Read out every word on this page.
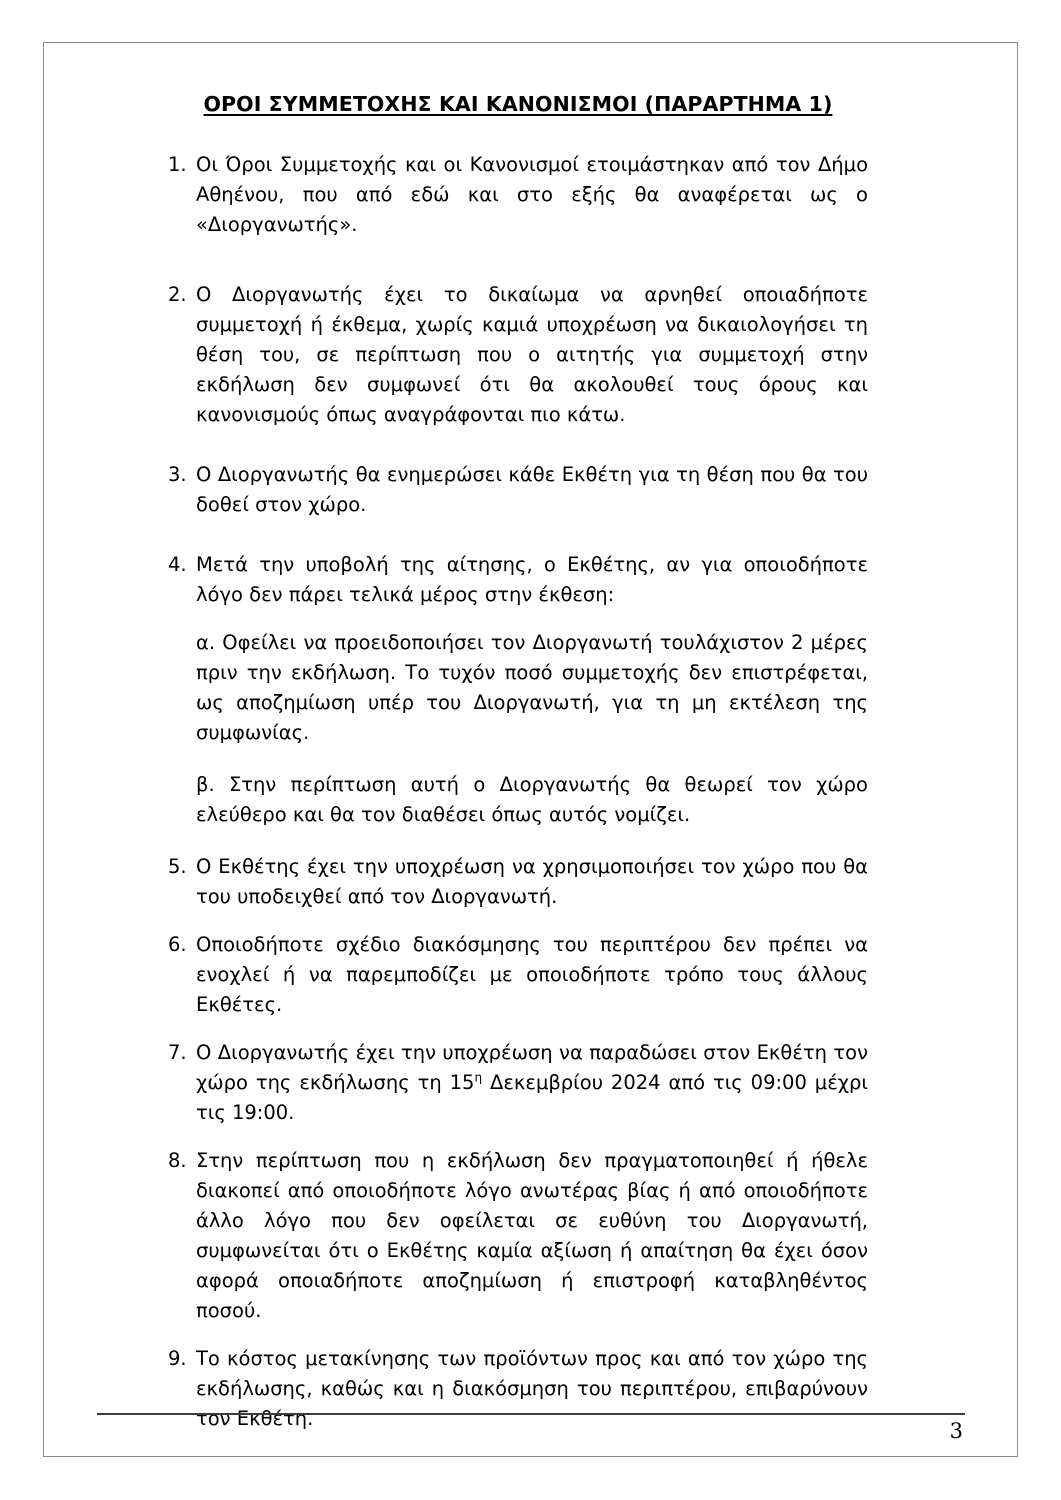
ΟΡΟΙ ΣΥΜΜΕΤΟΧΗΣ ΚΑΙ ΚΑΝΟΝΙΣΜΟΙ (ΠΑΡΑΡΤΗΜΑ 1)
1. Οι Όροι Συμμετοχής και οι Κανονισμοί ετοιμάστηκαν από τον Δήμο Αθηένου, που από εδώ και στο εξής θα αναφέρεται ως ο «Διοργανωτής».
2. Ο Διοργανωτής έχει το δικαίωμα να αρνηθεί οποιαδήποτε συμμετοχή ή έκθεμα, χωρίς καμιά υποχρέωση να δικαιολογήσει τη θέση του, σε περίπτωση που ο αιτητής για συμμετοχή στην εκδήλωση δεν συμφωνεί ότι θα ακολουθεί τους όρους και κανονισμούς όπως αναγράφονται πιο κάτω.
3. Ο Διοργανωτής θα ενημερώσει κάθε Εκθέτη για τη θέση που θα του δοθεί στον χώρο.
4. Μετά την υποβολή της αίτησης, ο Εκθέτης, αν για οποιοδήποτε λόγο δεν πάρει τελικά μέρος στην έκθεση:
α. Οφείλει να προειδοποιήσει τον Διοργανωτή τουλάχιστον 2 μέρες πριν την εκδήλωση. Το τυχόν ποσό συμμετοχής δεν επιστρέφεται, ως αποζημίωση υπέρ του Διοργανωτή, για τη μη εκτέλεση της συμφωνίας.
β. Στην περίπτωση αυτή ο Διοργανωτής θα θεωρεί τον χώρο ελεύθερο και θα τον διαθέσει όπως αυτός νομίζει.
5. Ο Εκθέτης έχει την υποχρέωση να χρησιμοποιήσει τον χώρο που θα του υποδειχθεί από τον Διοργανωτή.
6. Οποιοδήποτε σχέδιο διακόσμησης του περιπτέρου δεν πρέπει να ενοχλεί ή να παρεμποδίζει με οποιοδήποτε τρόπο τους άλλους Εκθέτες.
7. Ο Διοργανωτής έχει την υποχρέωση να παραδώσει στον Εκθέτη τον χώρο της εκδήλωσης τη $15^\eta$ Δεκεμβρίου 2024 από τις 09:00 μέχρι τις 19:00.
8. Στην περίπτωση που η εκδήλωση δεν πραγματοποιηθεί ή ήθελε διακοπεί από οποιοδήποτε λόγο ανωτέρας βίας ή από οποιοδήποτε άλλο λόγο που δεν οφείλεται σε ευθύνη του Διοργανωτή, συμφωνείται ότι ο Εκθέτης καμία αξίωση ή απαίτηση θα έχει όσον αφορά οποιαδήποτε αποζημίωση ή επιστροφή καταβληθέντος ποσού.
9. Το κόστος μετακίνησης των προϊόντων προς και από τον χώρο της εκδήλωσης, καθώς και η διακόσμηση του περιπτέρου, επιβαρύνουν τον Εκθέτη.
3
